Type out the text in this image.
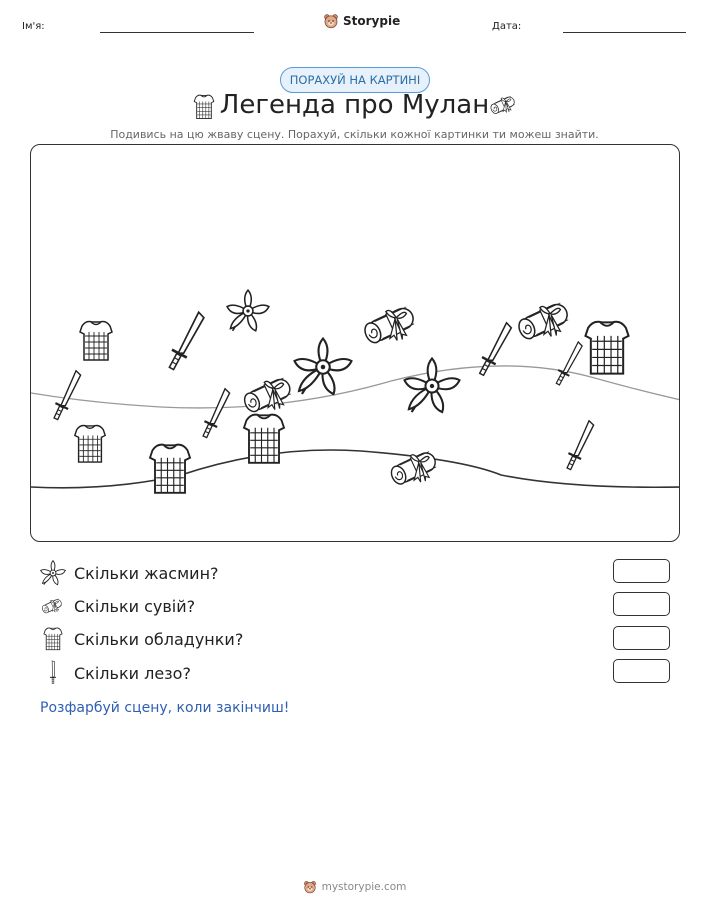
Ім'я:	Storypie	Дата:
ПОРАХУЙ НА КАРТИНІ
Легенда про Мулан
Подивись на цю жваву сцену. Порахуй, скільки кожної картинки ти можеш знайти.
Скільки жасмин?
Скільки сувій?
Скільки обладунки?
Скільки лезо?
Розфарбуй сцену, коли закінчиш!
mystorypie.com
